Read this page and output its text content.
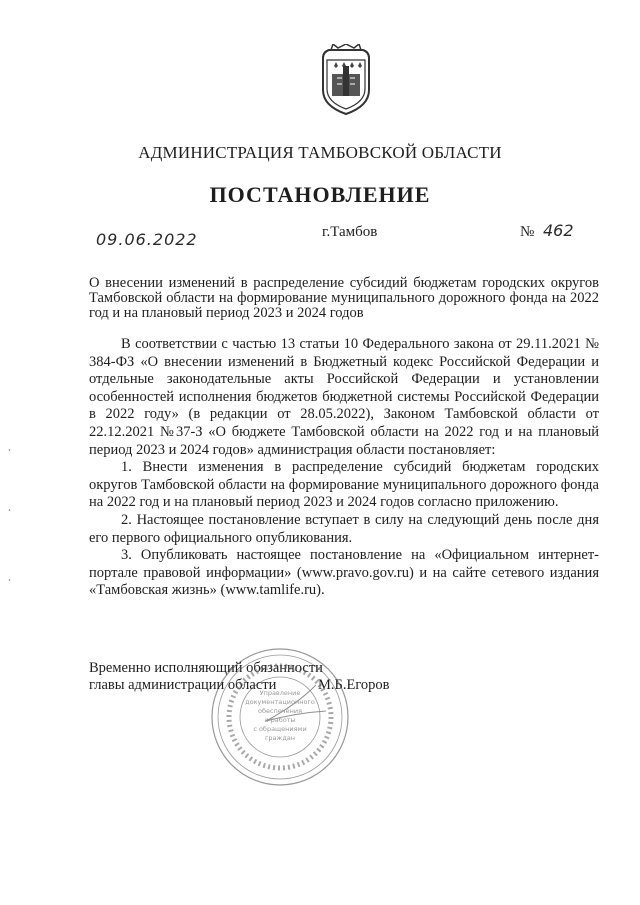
АДМИНИСТРАЦИЯ ТАМБОВСКОЙ ОБЛАСТИ
ПОСТАНОВЛЕНИЕ
09.06.2022	г.Тамбов	№ 462
О внесении изменений в распределение субсидий бюджетам городских округов Тамбовской области на формирование муниципального дорожного фонда на 2022 год и на плановый период 2023 и 2024 годов

В соответствии с частью 13 статьи 10 Федерального закона от 29.11.2021 № 384-ФЗ «О внесении изменений в Бюджетный кодекс Российской Федерации и отдельные законодательные акты Российской Федерации и установлении особенностей исполнения бюджетов бюджетной системы Российской Федерации в 2022 году» (в редакции от 28.05.2022), Законом Тамбовской области от 22.12.2021 №37-З «О бюджете Тамбовской области на 2022 год и на плановый период 2023 и 2024 годов» администрация области постановляет:

1. Внести изменения в распределение субсидий бюджетам городских округов Тамбовской области на формирование муниципального дорожного фонда на 2022 год и на плановый период 2023 и 2024 годов согласно приложению.

2. Настоящее постановление вступает в силу на следующий день после дня его первого официального опубликования.

3. Опубликовать настоящее постановление на «Официальном интернет-портале правовой информации» (www.pravo.gov.ru) и на сайте сетевого издания «Тамбовская жизнь» (www.tamlife.ru).

Временно исполняющий обязанности
главы администрации области	М.Б.Егоров
Управление
документационного
обеспечения
и работы
с обращениями
граждан
